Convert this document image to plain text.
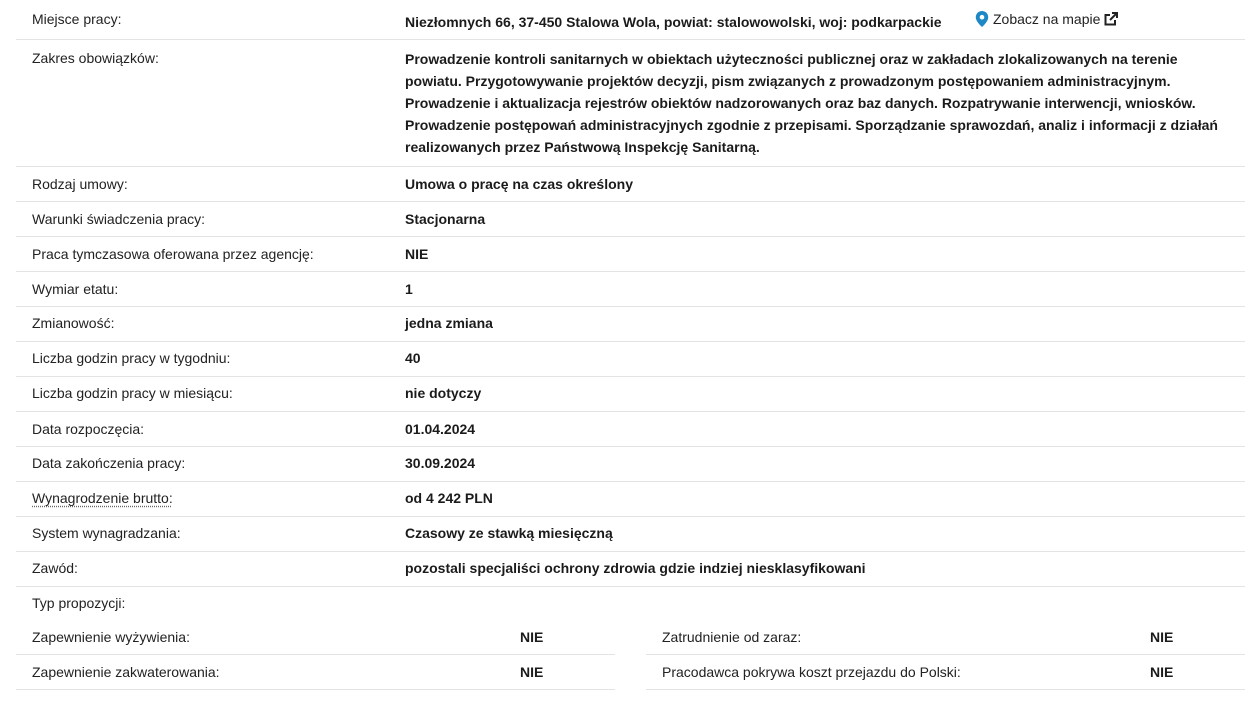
Miejsce pracy:	Niezłomnych 66, 37-450 Stalowa Wola, powiat: stalowowolski, woj: podkarpackie	Zobacz na mapie
Zakres obowiązków:	Prowadzenie kontroli sanitarnych w obiektach użyteczności publicznej oraz w zakładach zlokalizowanych na terenie powiatu. Przygotowywanie projektów decyzji, pism związanych z prowadzonym postępowaniem administracyjnym. Prowadzenie i aktualizacja rejestrów obiektów nadzorowanych oraz baz danych. Rozpatrywanie interwencji, wniosków. Prowadzenie postępowań administracyjnych zgodnie z przepisami. Sporządzanie sprawozdań, analiz i informacji z działań realizowanych przez Państwową Inspekcję Sanitarną.
Rodzaj umowy:	Umowa o pracę na czas określony
Warunki świadczenia pracy:	Stacjonarna
Praca tymczasowa oferowana przez agencję:	NIE
Wymiar etatu:	1
Zmianowość:	jedna zmiana
Liczba godzin pracy w tygodniu:	40
Liczba godzin pracy w miesiącu:	nie dotyczy
Data rozpoczęcia:	01.04.2024
Data zakończenia pracy:	30.09.2024
Wynagrodzenie brutto:	od 4 242 PLN
System wynagradzania:	Czasowy ze stawką miesięczną
Zawód:	pozostali specjaliści ochrony zdrowia gdzie indziej niesklasyfikowani
Typ propozycji:
Zapewnienie wyżywienia:	NIE	Zatrudnienie od zaraz:	NIE
Zapewnienie zakwaterowania:	NIE	Pracodawca pokrywa koszt przejazdu do Polski:	NIE
